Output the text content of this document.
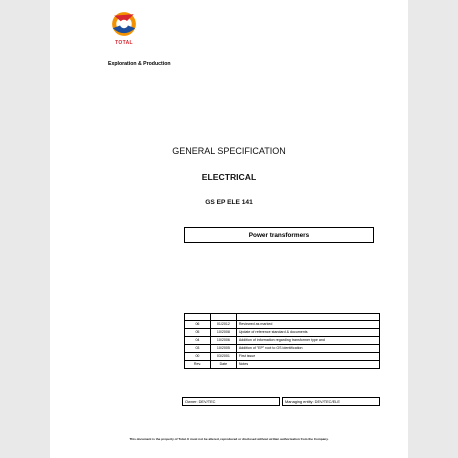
TOTAL
Exploration & Production
GENERAL SPECIFICATION
ELECTRICAL
GS EP ELE 141
Power transformers

06	01/2012	Reviewed as marked
05	10/2008	Update of reference standard & documents
04	10/2006	Addition of information regarding transformer type and
03	10/2005	Addition of "EP" root to GS identification
00	03/2001	First issue
Rev.	Date	Notes
Owner: DEV/TEC	Managing entity: DEV/TEC/ELE
This document is the property of Total. It must not be altered, reproduced or disclosed without written authorisation from the Company.
